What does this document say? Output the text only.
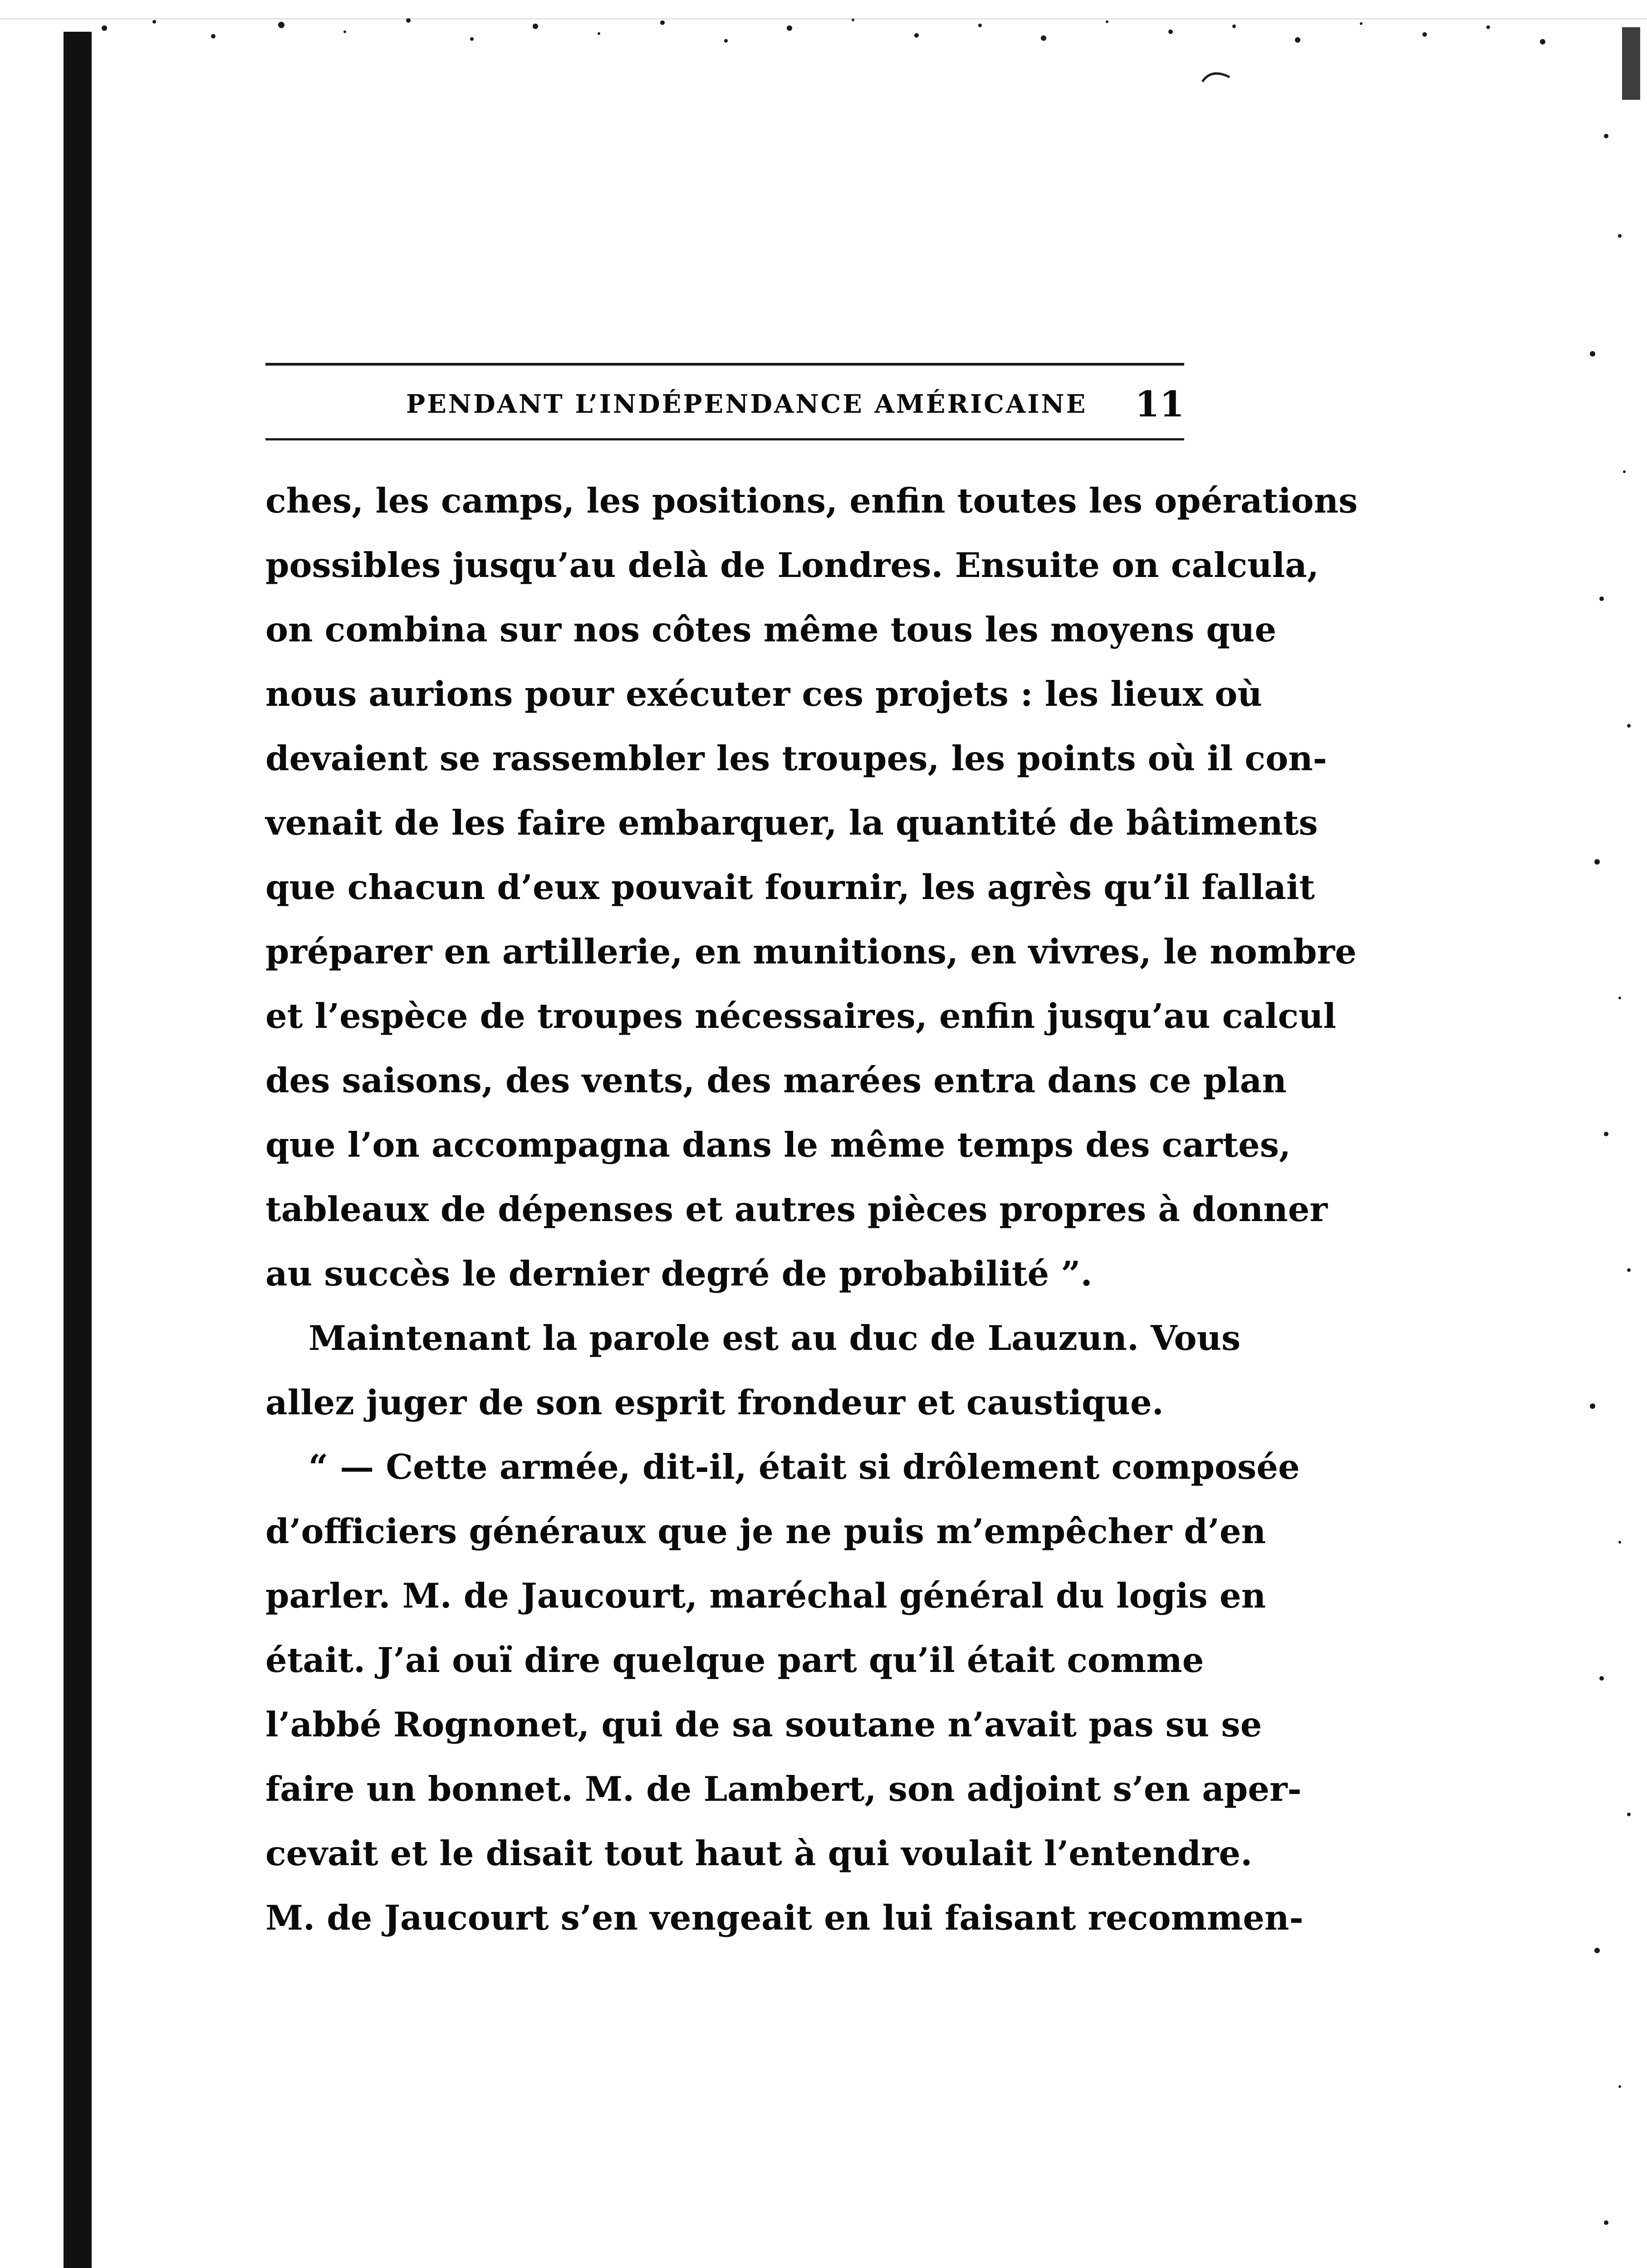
PENDANT L’INDÉPENDANCE AMÉRICAINE 11
ches, les camps, les positions, enfin toutes les opérations
possibles jusqu’au delà de Londres. Ensuite on calcula,
on combina sur nos côtes même tous les moyens que
nous aurions pour exécuter ces projets : les lieux où
devaient se rassembler les troupes, les points où il con-
venait de les faire embarquer, la quantité de bâtiments
que chacun d’eux pouvait fournir, les agrès qu’il fallait
préparer en artillerie, en munitions, en vivres, le nombre
et l’espèce de troupes nécessaires, enfin jusqu’au calcul
des saisons, des vents, des marées entra dans ce plan
que l’on accompagna dans le même temps des cartes,
tableaux de dépenses et autres pièces propres à donner
au succès le dernier degré de probabilité ”.
Maintenant la parole est au duc de Lauzun. Vous
allez juger de son esprit frondeur et caustique.
“ — Cette armée, dit-il, était si drôlement composée
d’officiers généraux que je ne puis m’empêcher d’en
parler. M. de Jaucourt, maréchal général du logis en
était. J’ai ouï dire quelque part qu’il était comme
l’abbé Rognonet, qui de sa soutane n’avait pas su se
faire un bonnet. M. de Lambert, son adjoint s’en aper-
cevait et le disait tout haut à qui voulait l’entendre.
M. de Jaucourt s’en vengeait en lui faisant recommen-
